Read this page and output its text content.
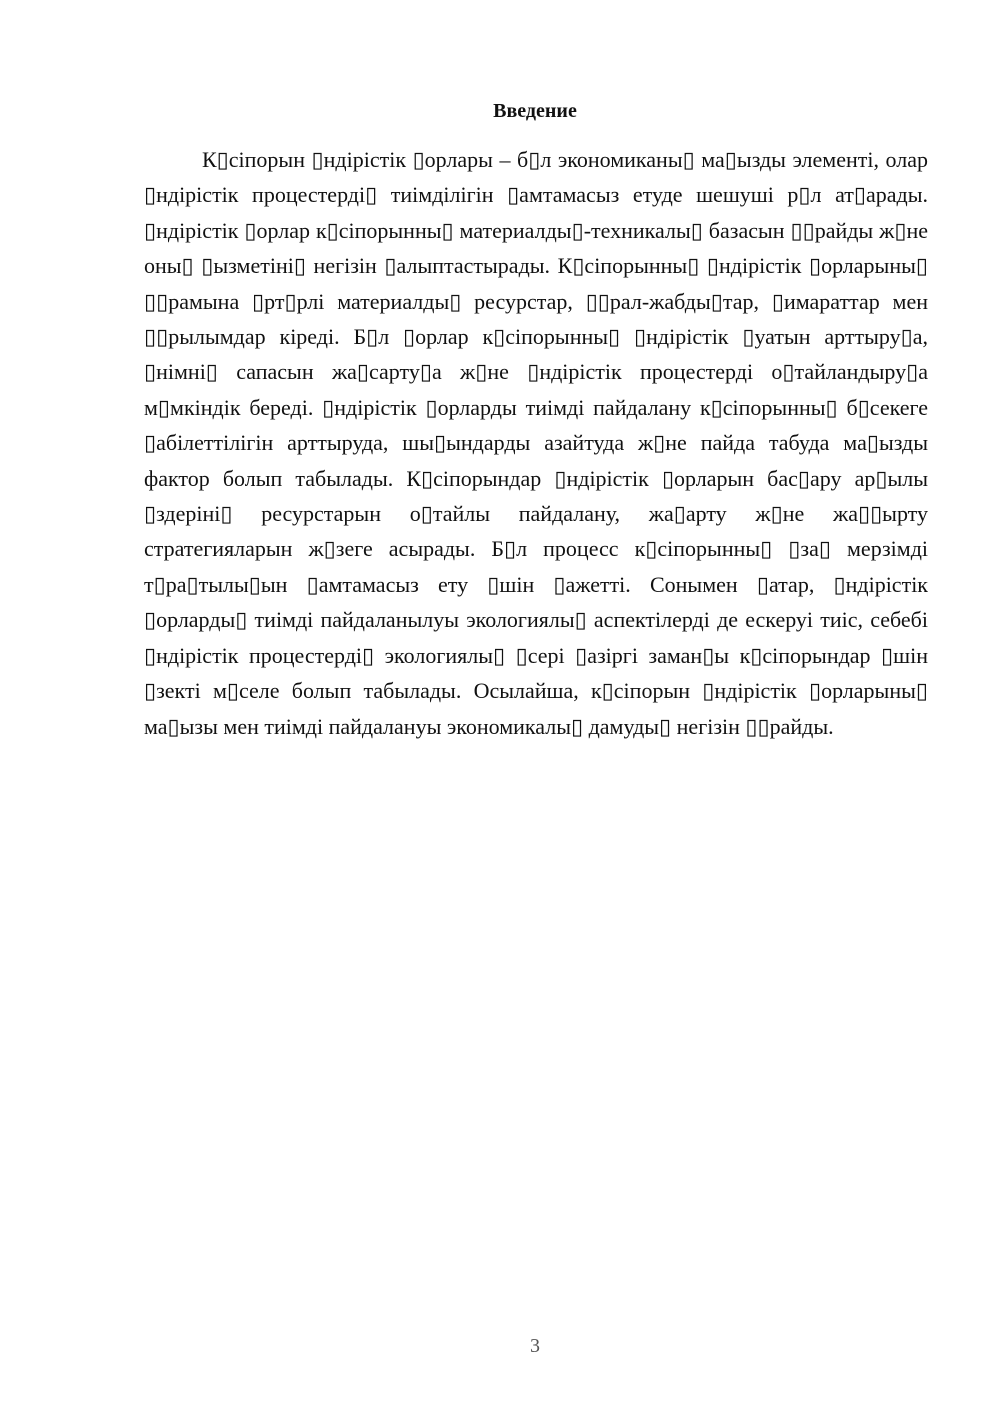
Введение

К▯сіпорын ▯ндірістік ▯орлары – б▯л экономиканы▯ ма▯ызды элементі, олар ▯ндірістік процестерді▯ тиімділігін ▯амтамасыз етуде шешуші р▯л ат▯арады. ▯ндірістік ▯орлар к▯сіпорынны▯ материалды▯-техникалы▯ базасын ▯▯райды ж▯не оны▯ ▯ызметіні▯ негізін ▯алыптастырады. К▯сіпорынны▯ ▯ндірістік ▯орларыны▯ ▯▯рамына ▯рт▯рлі материалды▯ ресурстар, ▯▯рал-жабды▯тар, ▯имараттар мен ▯▯рылымдар кіреді. Б▯л ▯орлар к▯сіпорынны▯ ▯ндірістік ▯уатын арттыру▯а, ▯німні▯ сапасын жа▯сарту▯а ж▯не ▯ндірістік процестерді о▯тайландыру▯а м▯мкіндік береді. ▯ндірістік ▯орларды тиімді пайдалану к▯сіпорынны▯ б▯секеге ▯абілеттілігін арттыруда, шы▯ындарды азайтуда ж▯не пайда табуда ма▯ызды фактор болып табылады. К▯сіпорындар ▯ндірістік ▯орларын бас▯ару ар▯ылы ▯здеріні▯ ресурстарын о▯тайлы пайдалану, жа▯арту ж▯не жа▯▯ырту стратегияларын ж▯зеге асырады. Б▯л процесс к▯сіпорынны▯ ▯за▯ мерзімді т▯ра▯тылы▯ын ▯амтамасыз ету ▯шін ▯ажетті. Сонымен ▯атар, ▯ндірістік ▯орларды▯ тиімді пайдаланылуы экологиялы▯ аспектілерді де ескеруі тиіс, себебі ▯ндірістік процестерді▯ экологиялы▯ ▯сері ▯азіргі заман▯ы к▯сіпорындар ▯шін ▯зекті м▯селе болып табылады. Осылайша, к▯сіпорын ▯ндірістік ▯орларыны▯ ма▯ызы мен тиімді пайдалануы экономикалы▯ дамуды▯ негізін ▯▯райды.

3
